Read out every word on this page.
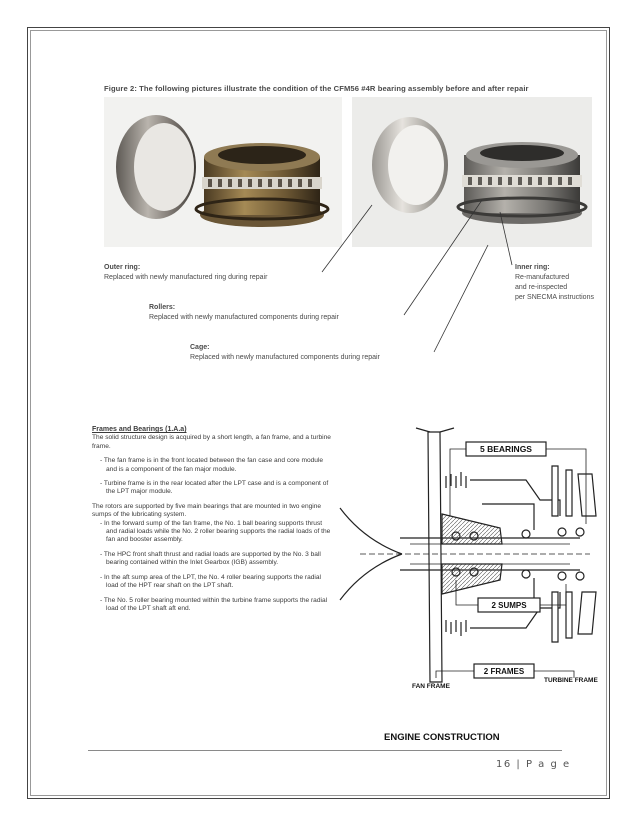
Figure 2: The following pictures illustrate the condition of the CFM56 #4R bearing assembly before and after repair
Outer ring:
Replaced with newly manufactured ring during repair
Rollers:
Replaced with newly manufactured components during repair
Cage:
Replaced with newly manufactured components during repair
Inner ring:
Re-manufactured
and re-inspected
per SNECMA instructions
Frames and Bearings (1.A.a)

The solid structure design is acquired by a short length, a fan frame, and a turbine frame.

- The fan frame is in the front located between the fan case and core module and is a component of the fan major module.
- Turbine frame is in the rear located after the LPT case and is a component of the LPT major module.

The rotors are supported by five main bearings that are mounted in two engine sumps of the lubricating system.

- In the forward sump of the fan frame, the No. 1 ball bearing supports thrust and radial loads while the No. 2 roller bearing supports the radial loads of the fan and booster assembly.
- The HPC front shaft thrust and radial loads are supported by the No. 3 ball bearing contained within the Inlet Gearbox (IGB) assembly.
- In the aft sump area of the LPT, the No. 4 roller bearing supports the radial load of the HPT rear shaft on the LPT shaft.
- The No. 5 roller bearing mounted within the turbine frame supports the radial load of the LPT shaft aft end.
5 BEARINGS
2 SUMPS
2 FRAMES
FAN FRAME
TURBINE FRAME
ENGINE CONSTRUCTION
16 | P a g e
